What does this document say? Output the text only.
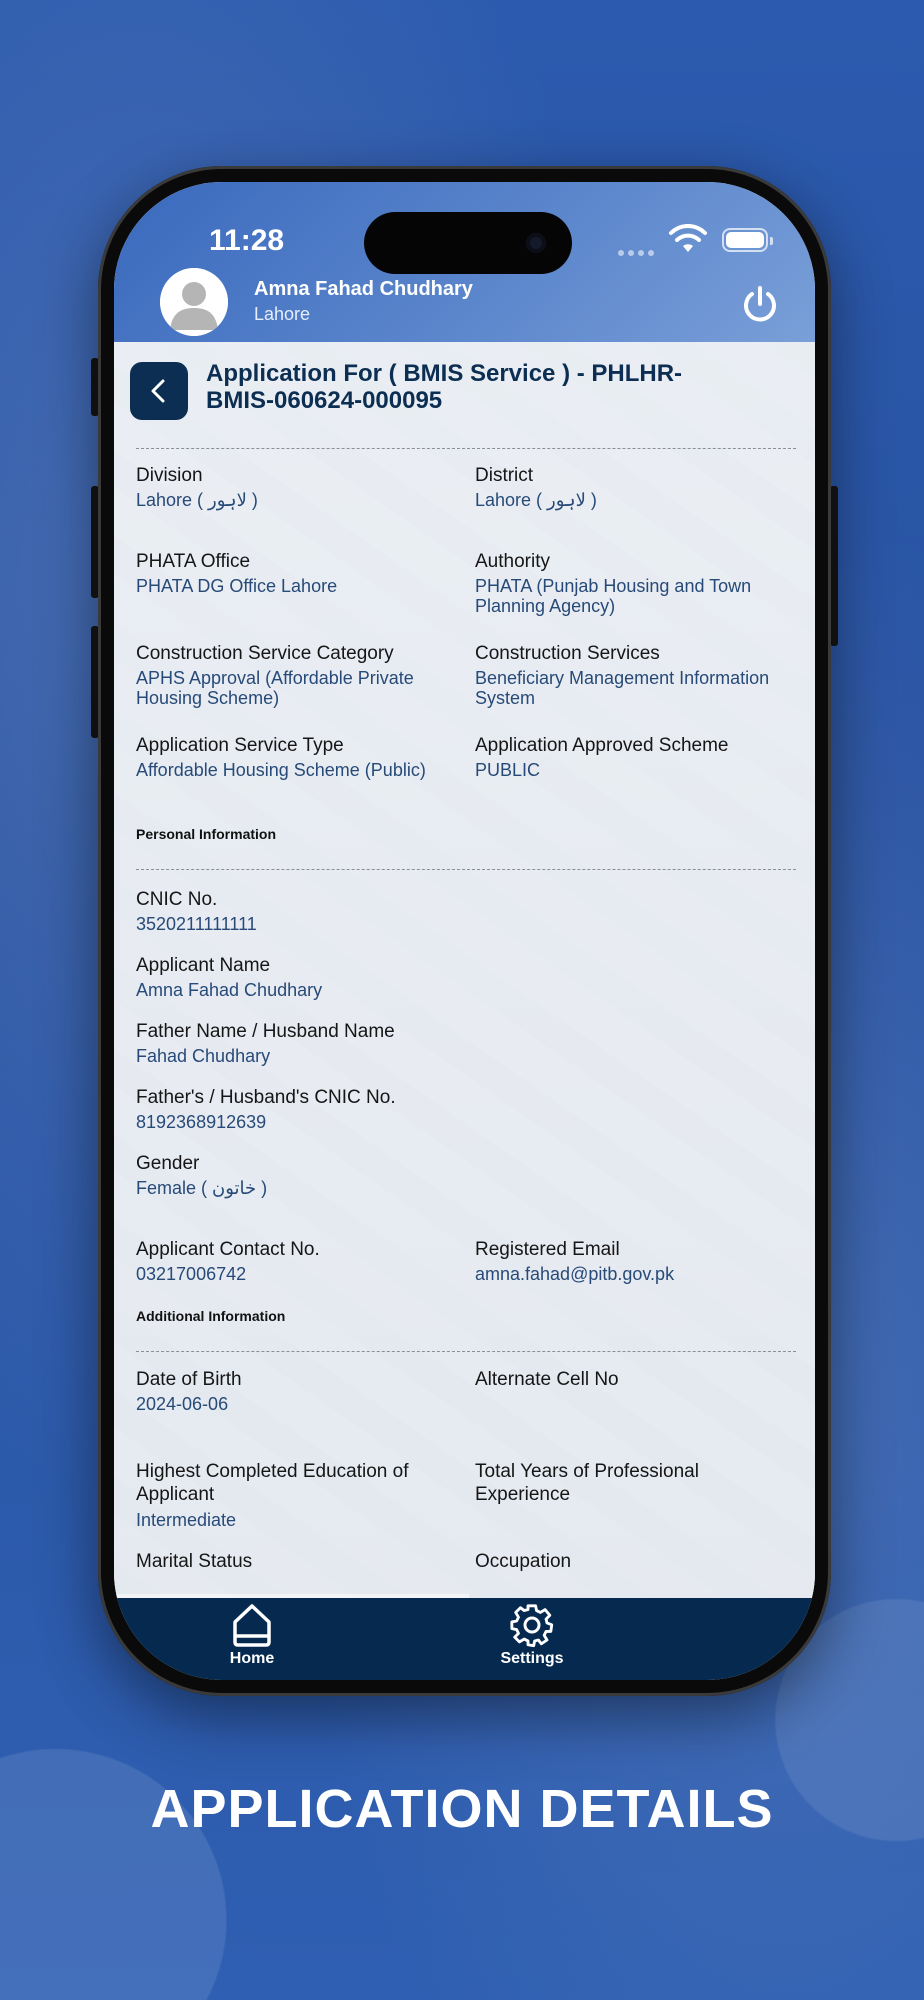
11:28
Amna Fahad Chudhary
Lahore
Application For ( BMIS Service ) - PHLHR-BMIS-060624-000095
Division
Lahore ( لاہور )
District
Lahore ( لاہور )
PHATA Office
PHATA DG Office Lahore
Authority
PHATA (Punjab Housing and Town Planning Agency)
Construction Service Category
APHS Approval (Affordable Private Housing Scheme)
Construction Services
Beneficiary Management Information System
Application Service Type
Affordable Housing Scheme (Public)
Application Approved Scheme
PUBLIC
Personal Information
CNIC No.
3520211111111
Applicant Name
Amna Fahad Chudhary
Father Name / Husband Name
Fahad Chudhary
Father's / Husband's CNIC No.
8192368912639
Gender
Female ( خاتون )
Applicant Contact No.
03217006742
Registered Email
amna.fahad@pitb.gov.pk
Additional Information
Date of Birth
2024-06-06
Alternate Cell No
Highest Completed Education of Applicant
Intermediate
Total Years of Professional Experience
Marital Status	Occupation
Home	Settings
APPLICATION DETAILS
